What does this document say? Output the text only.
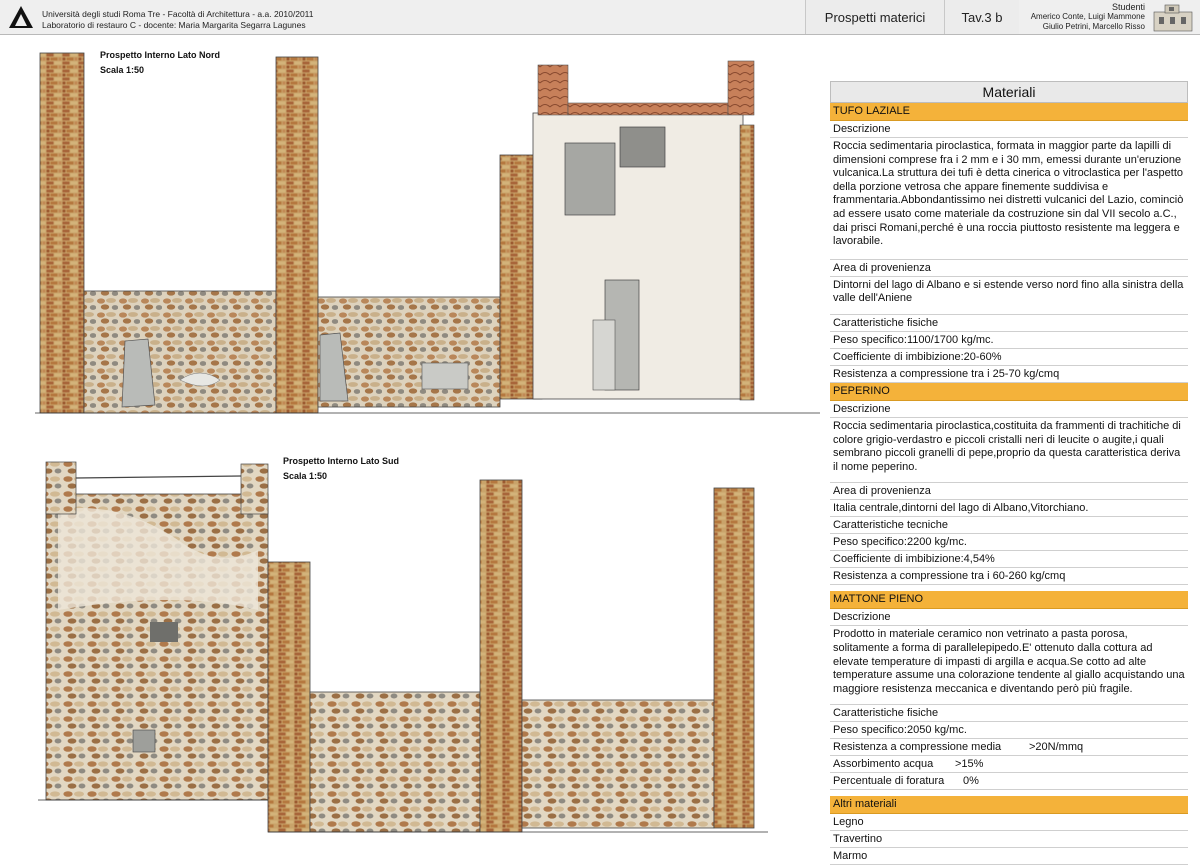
Università degli studi Roma Tre - Facoltà di Architettura - a.a. 2010/2011
Laboratorio di restauro C - docente: Maria Margarita Segarra Lagunes
Prospetti materici	Tav.3 b
Studenti
Americo Conte, Luigi Mammone
Giulio Petrini, Marcello Risso
Prospetto Interno Lato Nord
Scala 1:50
Prospetto Interno Lato Sud
Scala 1:50
Materiali
TUFO LAZIALE
Descrizione
Roccia sedimentaria piroclastica, formata in maggior parte da lapilli di dimensioni comprese fra i 2 mm e i 30 mm, emessi durante un'eruzione vulcanica.La struttura dei tufi è detta cinerica o vitroclastica per l'aspetto della porzione vetrosa che appare finemente suddivisa e frammentaria.Abbondantissimo nei distretti vulcanici del Lazio, cominciò ad essere usato come materiale da costruzione sin dal VII secolo a.C., dai prisci Romani,perché è una roccia piuttosto resistente ma leggera e lavorabile.
Area di provenienza
Dintorni del lago di Albano e si estende verso nord fino alla sinistra della valle dell'Aniene
Caratteristiche fisiche
Peso specifico:1100/1700 kg/mc.
Coefficiente di imbibizione:20-60%
Resistenza a compressione tra i 25-70 kg/cmq
PEPERINO
Descrizione
Roccia sedimentaria piroclastica,costituita da frammenti di trachitiche di colore grigio-verdastro e piccoli cristalli neri di leucite o augite,i quali sembrano piccoli granelli di pepe,proprio da questa caratteristica deriva il nome peperino.
Area di provenienza
Italia centrale,dintorni del lago di Albano,Vitorchiano.
Caratteristiche tecniche
Peso specifico:2200 kg/mc.
Coefficiente di imbibizione:4,54%
Resistenza a compressione tra i 60-260 kg/cmq
MATTONE PIENO
Descrizione
Prodotto in materiale ceramico non vetrinato a pasta porosa, solitamente a forma di parallelepipedo.E' ottenuto dalla cottura ad elevate temperature di impasti di argilla e acqua.Se cotto ad alte temperature assume una colorazione tendente al giallo acquistando una maggiore resistenza meccanica e diventando però più fragile.
Caratteristiche fisiche
Peso specifico:2050 kg/mc.
Resistenza a compressione media	>20N/mmq
Assorbimento acqua >15%
Percentuale di foratura 0%
Altri materiali
Legno
Travertino
Marmo
